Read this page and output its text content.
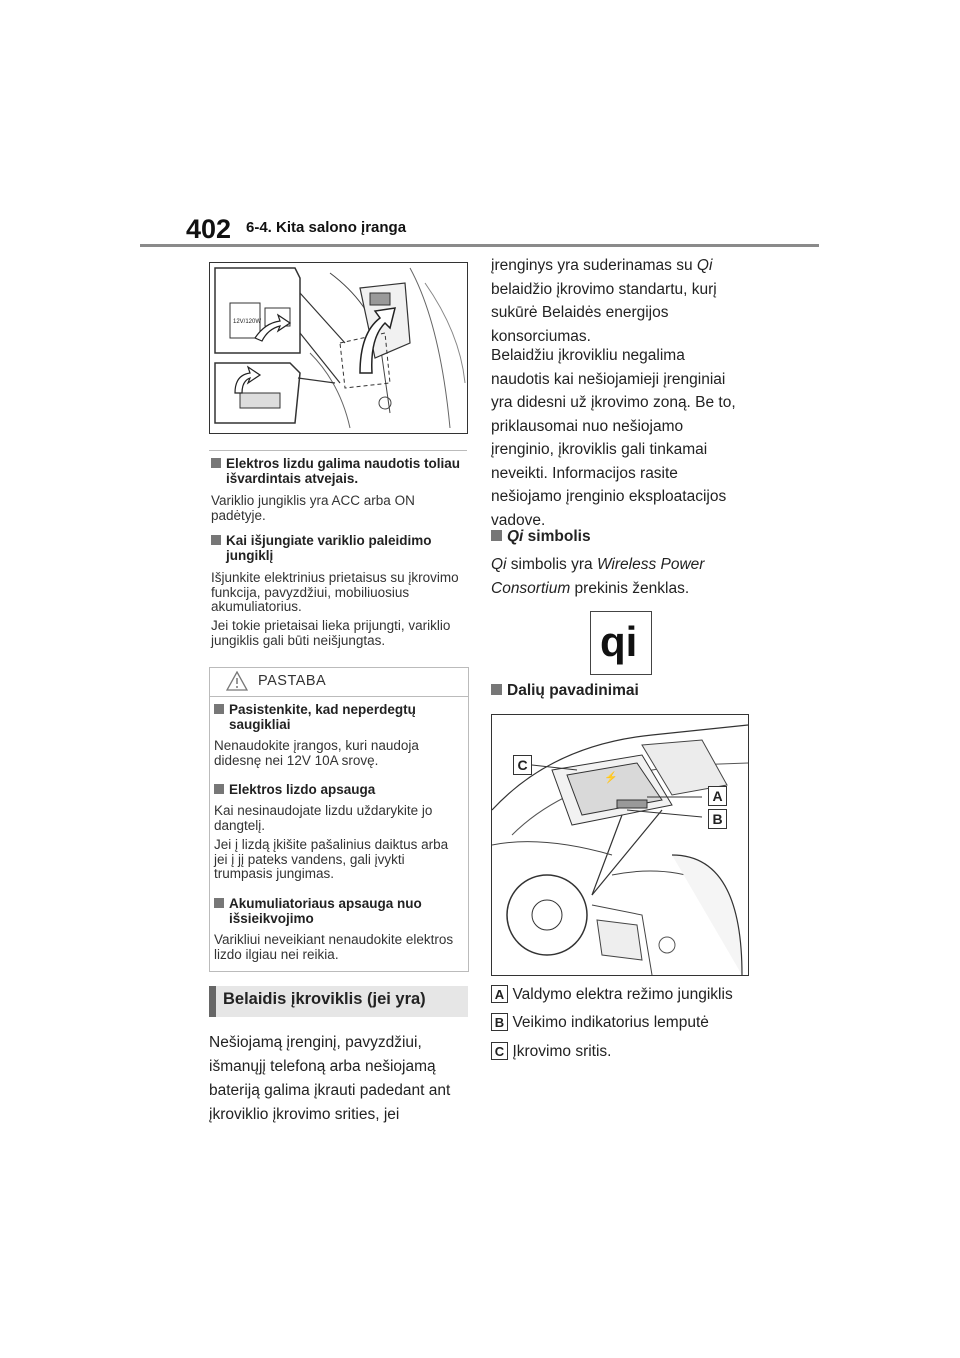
402 6-4. Kita salono įranga
12V/120W
Elektros lizdu galima naudotis toliau išvardintais atvejais.
Variklio jungiklis yra ACC arba ON padėtyje.
Kai išjungiate variklio paleidimo jungiklį
Išjunkite elektrinius prietaisus su įkrovimo funkcija, pavyzdžiui, mobiliuosius akumuliatorius.
Jei tokie prietaisai lieka prijungti, variklio jungiklis gali būti neišjungtas.
PASTABA
Pasistenkite, kad neperdegtų saugikliai
Nenaudokite įrangos, kuri naudoja didesnę nei 12V 10A srovę.
Elektros lizdo apsauga
Kai nesinaudojate lizdu uždarykite jo dangtelį.
Jei į lizdą įkišite pašalinius daiktus arba jei į jį pateks vandens, gali įvykti trumpasis jungimas.
Akumuliatoriaus apsauga nuo išsieikvojimo
Varikliui neveikiant nenaudokite elektros lizdo ilgiau nei reikia.
Belaidis įkroviklis (jei yra)
Nešiojamą įrenginį, pavyzdžiui,
išmanųjį telefoną arba nešiojamą
bateriją galima įkrauti padedant ant
įkroviklio įkrovimo srities, jei
įrenginys yra suderinamas su Qi
belaidžio įkrovimo standartu, kurį
sukūrė Belaidės energijos
konsorciumas.
Belaidžiu įkrovikliu negalima
naudotis kai nešiojamieji įrenginiai
yra didesni už įkrovimo zoną. Be to,
priklausomai nuo nešiojamo
įrenginio, įkroviklis gali tinkamai
neveikti. Informacijos rasite
nešiojamo įrenginio eksploatacijos
vadove.
Qi simbolis
Qi simbolis yra Wireless Power
Consortium prekinis ženklas.
qi
Dalių pavadinimai
⚡
C
A
B
A Valdymo elektra režimo jungiklis
B Veikimo indikatorius lemputė
C Įkrovimo sritis.
